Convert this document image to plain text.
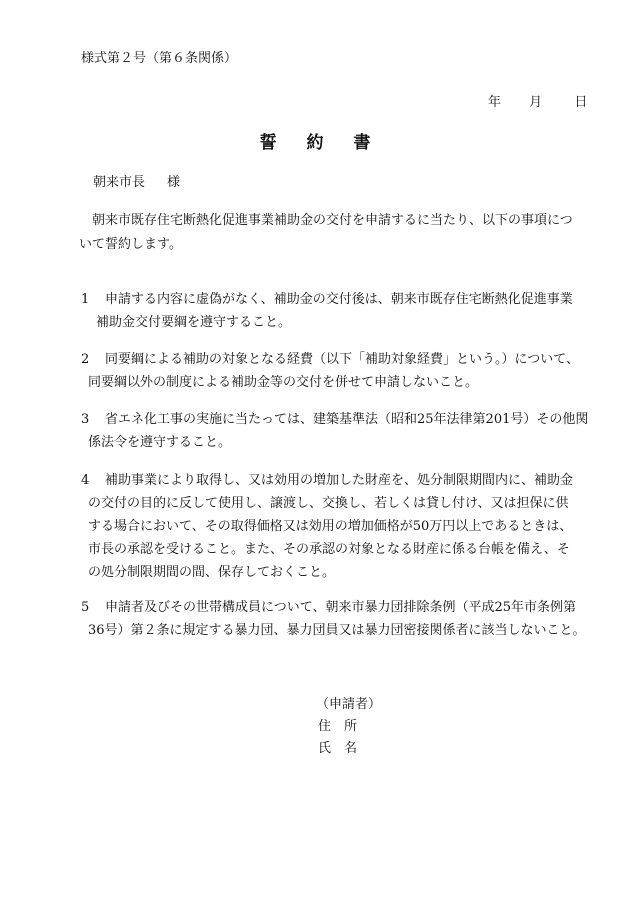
様式第２号（第６条関係）
年 月 日
誓 約 書
朝来市長 様

　朝来市既存住宅断熱化促進事業補助金の交付を申請するに当たり、以下の事項につ

いて誓約します。

1 申請する内容に虚偽がなく、補助金の交付後は、朝来市既存住宅断熱化促進事業
補助金交付要綱を遵守すること。
2 同要綱による補助の対象となる経費（以下「補助対象経費」という。）について、
同要綱以外の制度による補助金等の交付を併せて申請しないこと。
3 省エネ化工事の実施に当たっては、建築基準法（昭和25年法律第201号）その他関
係法令を遵守すること。
4 補助事業により取得し、又は効用の増加した財産を、処分制限期間内に、補助金
の交付の目的に反して使用し、譲渡し、交換し、若しくは貸し付け、又は担保に供
する場合において、その取得価格又は効用の増加価格が50万円以上であるときは、
市長の承認を受けること。また、その承認の対象となる財産に係る台帳を備え、そ
の処分制限期間の間、保存しておくこと。
5 申請者及びその世帯構成員について、朝来市暴力団排除条例（平成25年市条例第
36号）第２条に規定する暴力団、暴力団員又は暴力団密接関係者に該当しないこと。
（申請者）
住　所
氏　名
